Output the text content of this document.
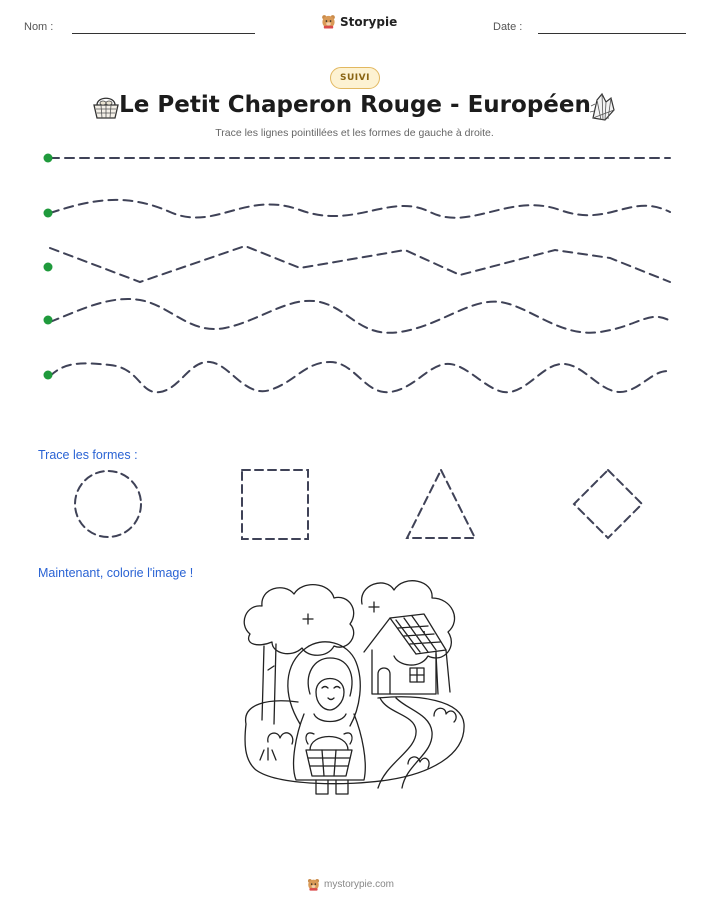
Nom :	Storypie	Date :
SUIVI
Le Petit Chaperon Rouge - Européen
Trace les lignes pointillées et les formes de gauche à droite.
Trace les formes :
Maintenant, colorie l'image !
mystorypie.com
